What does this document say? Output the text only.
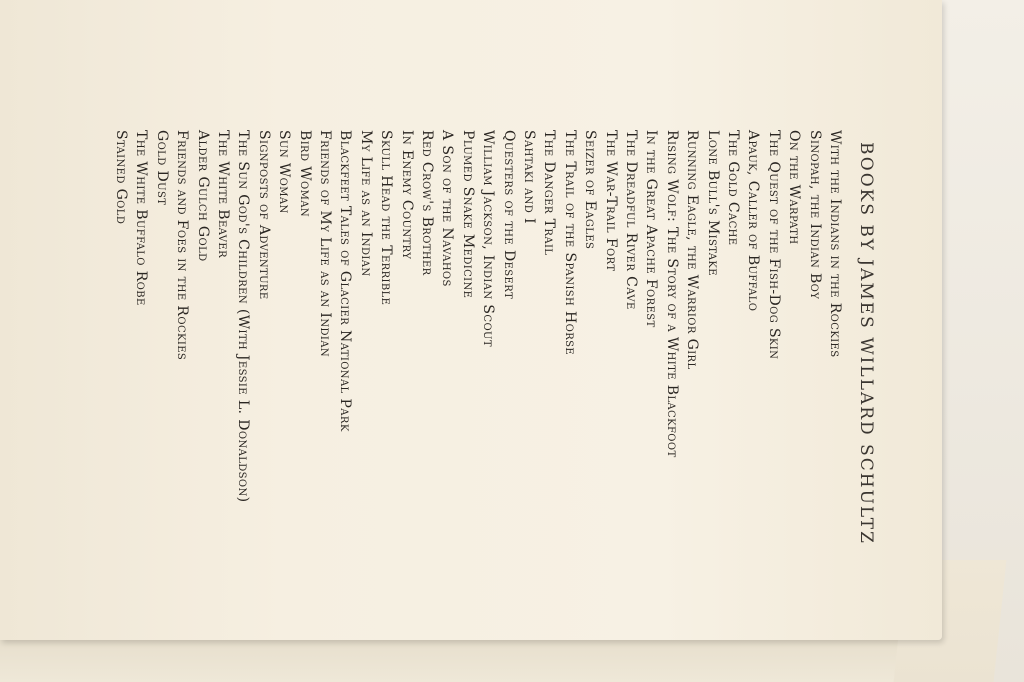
BOOKS BY JAMES WILLARD SCHULTZ
With the Indians in the Rockies
Sinopah, the Indian Boy
On the Warpath
The Quest of the Fish-Dog Skin
Apauk, Caller of Buffalo
The Gold Cache
Lone Bull's Mistake
Running Eagle, the Warrior Girl
Rising Wolf: The Story of a White Blackfoot
In the Great Apache Forest
The Dreadful River Cave
The War-Trail Fort
Seizer of Eagles
The Trail of the Spanish Horse
The Danger Trail
Sahtaki and I
Questers of the Desert
William Jackson, Indian Scout
Plumed Snake Medicine
A Son of the Navahos
Red Crow's Brother
In Enemy Country
Skull Head the Terrible
My Life as an Indian
Blackfeet Tales of Glacier National Park
Friends of My Life as an Indian
Bird Woman
Sun Woman
Signposts of Adventure
The Sun God's Children (With Jessie L. Donaldson)
The White Beaver
Alder Gulch Gold
Friends and Foes in the Rockies
Gold Dust
The White Buffalo Robe
Stained Gold
